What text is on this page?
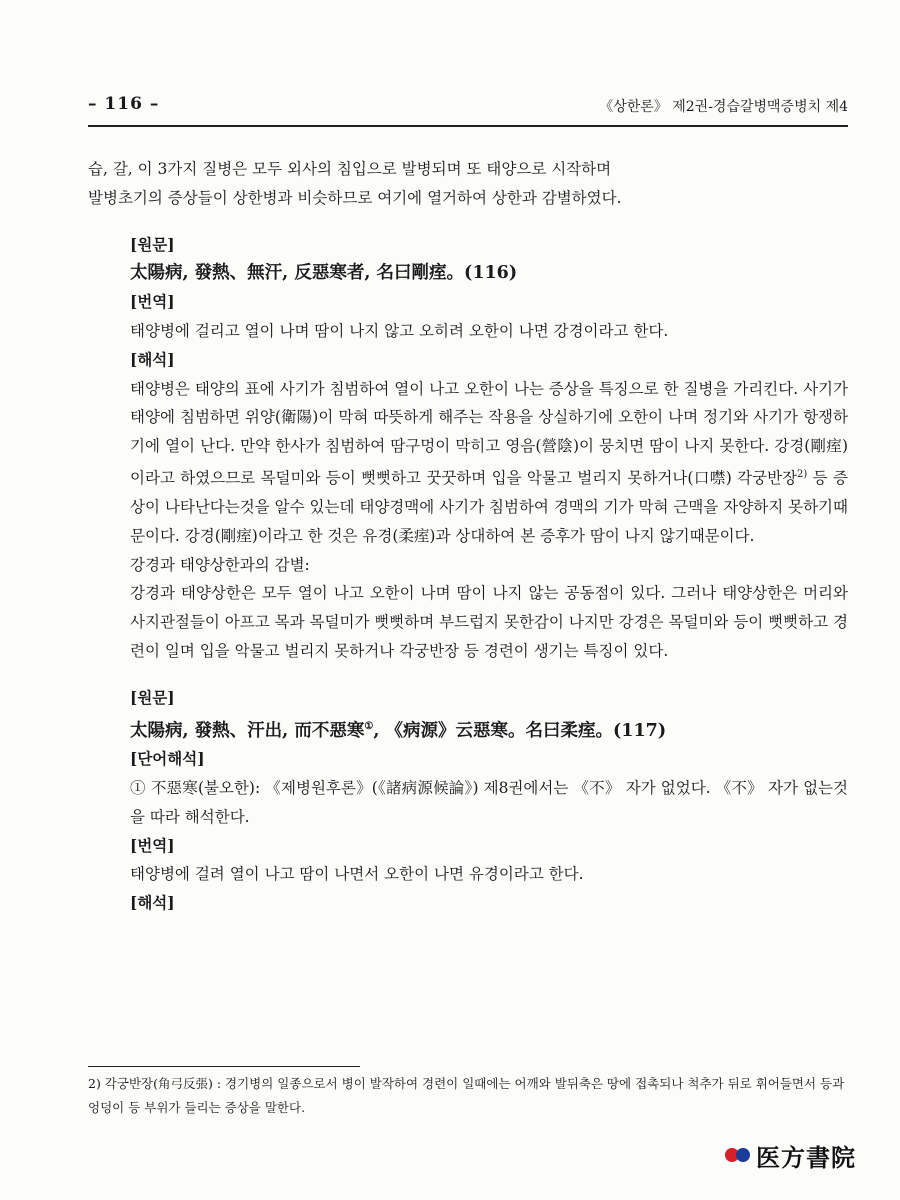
– 116 –	《상한론》 제2권-경습갈병맥증병치 제4

습, 갈, 이 3가지 질병은 모두 외사의 침입으로 발병되며 또 태양으로 시작하며

발병초기의 증상들이 상한병과 비슷하므로 여기에 열거하여 상한과 감별하였다.

[원문]

太陽病, 發熱、無汗, 反惡寒者, 名曰剛痓。(116)

[번역]

태양병에 걸리고 열이 나며 땀이 나지 않고 오히려 오한이 나면 강경이라고 한다.

[해석]

태양병은 태양의 표에 사기가 침범하여 열이 나고 오한이 나는 증상을 특징으로 한 질병을 가리킨다. 사기가 태양에 침범하면 위양(衛陽)이 막혀 따뜻하게 해주는 작용을 상실하기에 오한이 나며 정기와 사기가 항쟁하기에 열이 난다. 만약 한사가 침범하여 땀구멍이 막히고 영음(營陰)이 뭉치면 땀이 나지 못한다. 강경(剛痓)이라고 하였으므로 목덜미와 등이 뻣뻣하고 꿋꿋하며 입을 악물고 벌리지 못하거나(口噤) 각궁반장$^{2)}$ 등 증상이 나타난다는것을 알수 있는데 태양경맥에 사기가 침범하여 경맥의 기가 막혀 근맥을 자양하지 못하기때문이다. 강경(剛痓)이라고 한 것은 유경(柔痓)과 상대하여 본 증후가 땀이 나지 않기때문이다.

강경과 태양상한과의 감별:

강경과 태양상한은 모두 열이 나고 오한이 나며 땀이 나지 않는 공동점이 있다. 그러나 태양상한은 머리와 사지관절들이 아프고 목과 목덜미가 뻣뻣하며 부드럽지 못한감이 나지만 강경은 목덜미와 등이 뻣뻣하고 경련이 일며 입을 악물고 벌리지 못하거나 각궁반장 등 경련이 생기는 특징이 있다.

[원문]

太陽病, 發熱、汗出, 而不惡寒①, 《病源》云惡寒。名曰柔痓。(117)

[단어해석]

① 不惡寒(불오한): 《제병원후론》(《諸病源候論》) 제8권에서는 《不》 자가 없었다. 《不》 자가 없는것을 따라 해석한다.

[번역]

태양병에 걸려 열이 나고 땀이 나면서 오한이 나면 유경이라고 한다.

[해석]

2) 각궁반장(角弓反張) : 경기병의 일종으로서 병이 발작하여 경련이 일때에는 어깨와 발뒤축은 땅에 접촉되나 척추가 뒤로 휘어들면서 등과 엉덩이 등 부위가 들리는 증상을 말한다.

医方書院
